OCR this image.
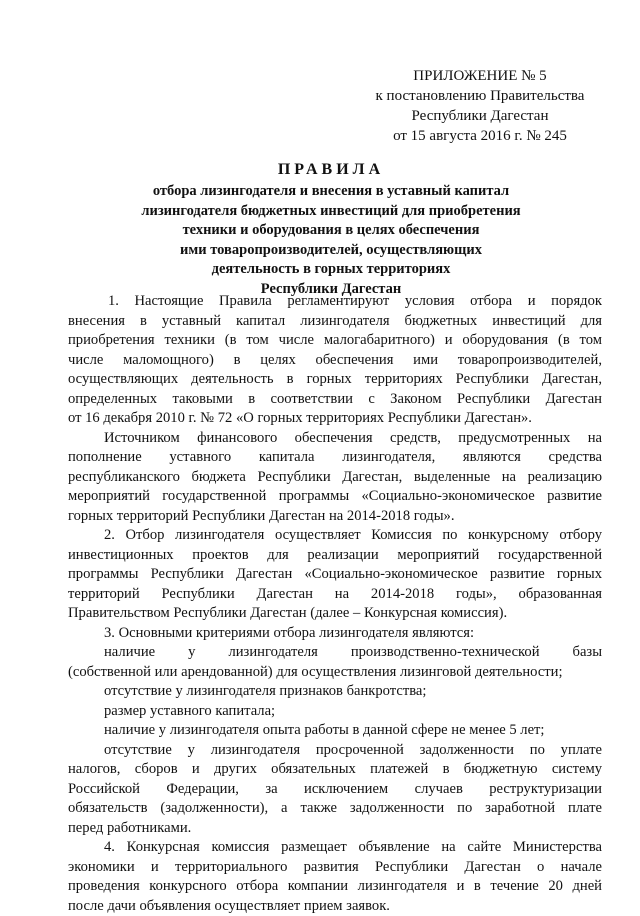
ПРИЛОЖЕНИЕ № 5
к постановлению Правительства
Республики Дагестан
от 15 августа 2016 г. № 245
ПРАВИЛА
отбора лизингодателя и внесения в уставный капитал
лизингодателя бюджетных инвестиций для приобретения
техники и оборудования в целях обеспечения
ими товаропроизводителей, осуществляющих
деятельность в горных территориях
Республики Дагестан
1. Настоящие Правила регламентируют условия отбора и порядок
внесения в уставный капитал лизингодателя бюджетных инвестиций для
приобретения техники (в том числе малогабаритного) и оборудования (в том
числе маломощного) в целях обеспечения ими товаропроизводителей,
осуществляющих деятельность в горных территориях Республики Дагестан,
определенных таковыми в соответствии с Законом Республики Дагестан
от 16 декабря 2010 г. № 72 «О горных территориях Республики Дагестан».
Источником финансового обеспечения средств, предусмотренных на
пополнение уставного капитала лизингодателя, являются средства
республиканского бюджета Республики Дагестан, выделенные на реализацию
мероприятий государственной программы «Социально-экономическое развитие
горных территорий Республики Дагестан на 2014-2018 годы».
2. Отбор лизингодателя осуществляет Комиссия по конкурсному отбору
инвестиционных проектов для реализации мероприятий государственной
программы Республики Дагестан «Социально-экономическое развитие горных
территорий Республики Дагестан на 2014-2018 годы», образованная
Правительством Республики Дагестан (далее – Конкурсная комиссия).
3. Основными критериями отбора лизингодателя являются:
наличие у лизингодателя производственно-технической базы
(собственной или арендованной) для осуществления лизинговой деятельности;
отсутствие у лизингодателя признаков банкротства;
размер уставного капитала;
наличие у лизингодателя опыта работы в данной сфере не менее 5 лет;
отсутствие у лизингодателя просроченной задолженности по уплате
налогов, сборов и других обязательных платежей в бюджетную систему
Российской Федерации, за исключением случаев реструктуризации
обязательств (задолженности), а также задолженности по заработной плате
перед работниками.
4. Конкурсная комиссия размещает объявление на сайте Министерства
экономики и территориального развития Республики Дагестан о начале
проведения конкурсного отбора компании лизингодателя и в течение 20 дней
после дачи объявления осуществляет прием заявок.
